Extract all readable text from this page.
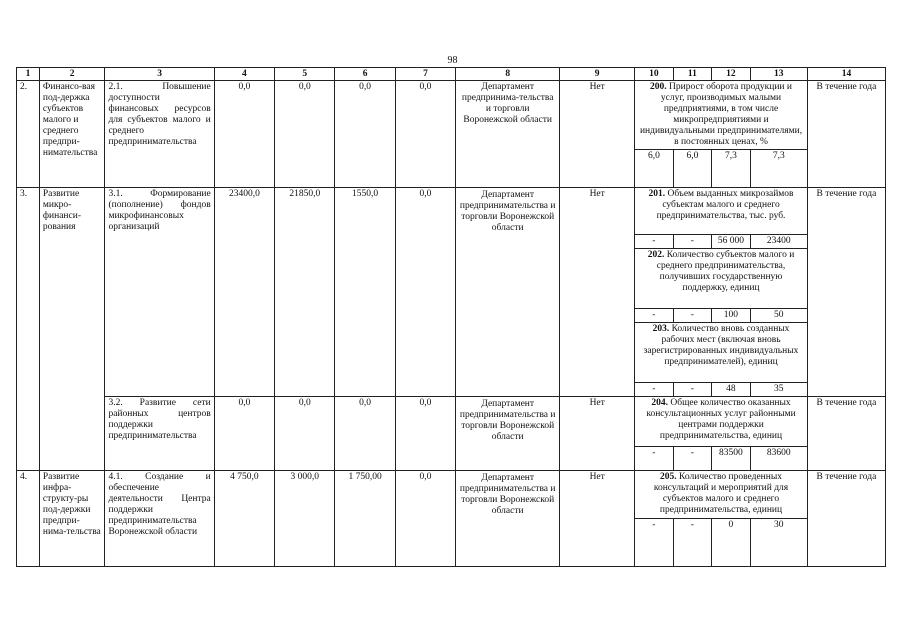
98
1	2	3	4	5	6	7	8	9	10	11	12	13	14
2.	Финансо-вая под-держка субъектов малого и среднего предпри-нимательства	2.1. Повышение доступности финансовых ресурсов для субъектов малого и среднего предпринимательства	0,0	0,0	0,0	0,0	Департамент предпринима-тельства и торговли Воронежской области	Нет	200. Прирост оборота продукции и услуг, производимых малыми предприятиями, в том числе микропредприятиями и индивидуальными предпринимателями, в постоянных ценах, %				В течение года
									6,0	6,0	7,3	7,3	
3.	Развитие микро-финанси-рования	3.1. Формирование (пополнение) фондов микрофинансовых организаций	23400,0	21850,0	1550,0	0,0	Департамент предпринимательства и торговли Воронежской области	Нет	201. Объем выданных микрозаймов субъектам малого и среднего предпринимательства, тыс. руб.				В течение года
									-	-	56 000	23400	
									202. Количество субъектов малого и среднего предпринимательства, получивших государственную поддержку, единиц				
									-	-	100	50	
									203. Количество вновь созданных рабочих мест (включая вновь зарегистрированных индивидуальных предпринимателей), единиц				
									-	-	48	35	
		3.2. Развитие сети районных центров поддержки предпринимательства	0,0	0,0	0,0	0,0	Департамент предпринимательства и торговли Воронежской области	Нет	204. Общее количество оказанных консультационных услуг районными центрами поддержки предпринимательства, единиц				В течение года
									-	-	83500	83600	
4.	Развитие инфра-структу-ры под-держки предпри-нима-тельства	4.1. Создание и обеспечение деятельности Центра поддержки предпринимательства Воронежской области	4 750,0	3 000,0	1 750,00	0,0	Департамент предпринимательства и торговли Воронежской области	Нет	205. Количество проведенных консультаций и мероприятий для субъектов малого и среднего предпринимательства, единиц				В течение года
									-	-	0	30	
